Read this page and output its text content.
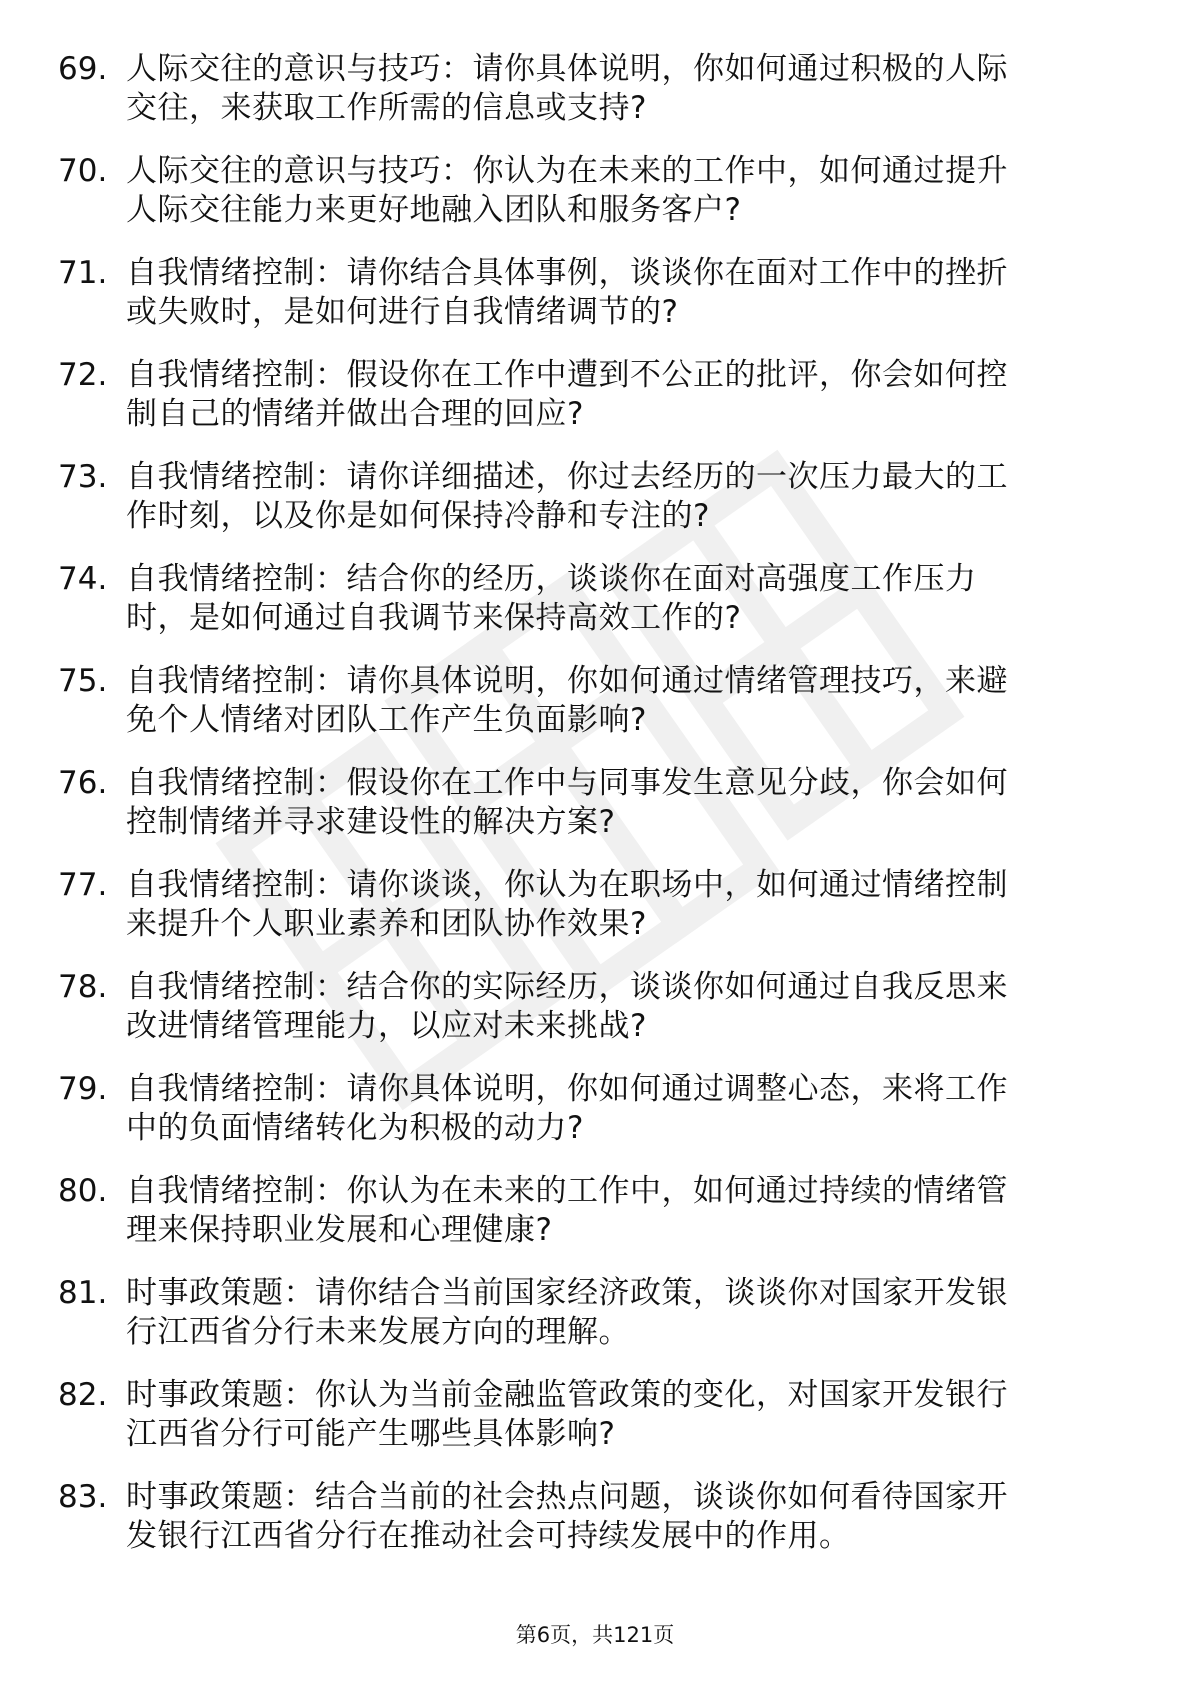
69. 人际交往的意识与技巧：请你具体说明，你如何通过积极的人际
交往，来获取工作所需的信息或支持?
70. 人际交往的意识与技巧：你认为在未来的工作中，如何通过提升
人际交往能力来更好地融入团队和服务客户?
71. 自我情绪控制：请你结合具体事例，谈谈你在面对工作中的挫折
或失败时，是如何进行自我情绪调节的?
72. 自我情绪控制：假设你在工作中遭到不公正的批评，你会如何控
制自己的情绪并做出合理的回应?
73. 自我情绪控制：请你详细描述，你过去经历的一次压力最大的工
作时刻，以及你是如何保持冷静和专注的?
74. 自我情绪控制：结合你的经历，谈谈你在面对高强度工作压力
时，是如何通过自我调节来保持高效工作的?
75. 自我情绪控制：请你具体说明，你如何通过情绪管理技巧，来避
免个人情绪对团队工作产生负面影响?
76. 自我情绪控制：假设你在工作中与同事发生意见分歧，你会如何
控制情绪并寻求建设性的解决方案?
77. 自我情绪控制：请你谈谈，你认为在职场中，如何通过情绪控制
来提升个人职业素养和团队协作效果?
78. 自我情绪控制：结合你的实际经历，谈谈你如何通过自我反思来
改进情绪管理能力，以应对未来挑战?
79. 自我情绪控制：请你具体说明，你如何通过调整心态，来将工作
中的负面情绪转化为积极的动力?
80. 自我情绪控制：你认为在未来的工作中，如何通过持续的情绪管
理来保持职业发展和心理健康?
81. 时事政策题：请你结合当前国家经济政策，谈谈你对国家开发银
行江西省分行未来发展方向的理解。
82. 时事政策题：你认为当前金融监管政策的变化，对国家开发银行
江西省分行可能产生哪些具体影响?
83. 时事政策题：结合当前的社会热点问题，谈谈你如何看待国家开
发银行江西省分行在推动社会可持续发展中的作用。
第6页，共121页
